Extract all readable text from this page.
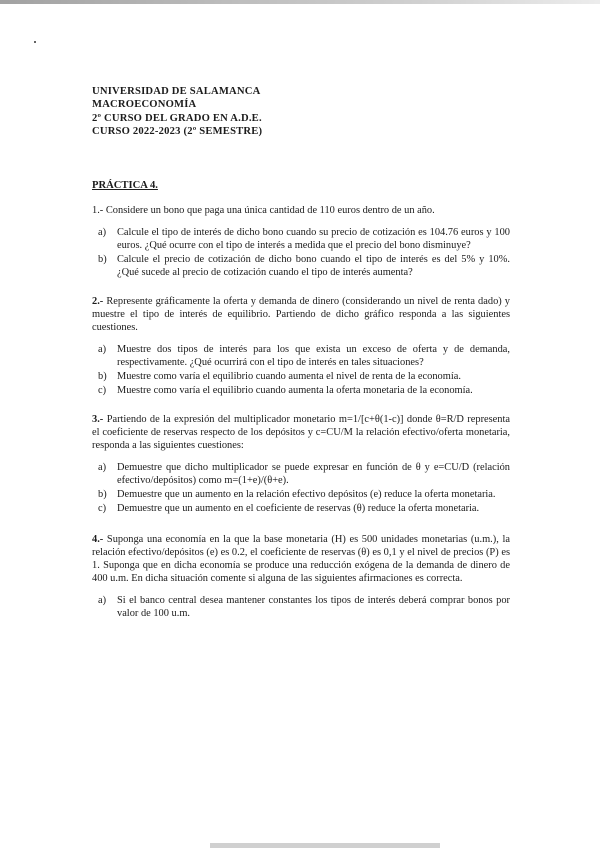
UNIVERSIDAD DE SALAMANCA
MACROECONOMÍA
2º CURSO DEL GRADO EN A.D.E.
CURSO 2022-2023 (2º SEMESTRE)
PRÁCTICA 4.
1.- Considere un bono que paga una única cantidad de 110 euros dentro de un año.
a) Calcule el tipo de interés de dicho bono cuando su precio de cotización es 104.76 euros y 100 euros. ¿Qué ocurre con el tipo de interés a medida que el precio del bono disminuye?
b) Calcule el precio de cotización de dicho bono cuando el tipo de interés es del 5% y 10%. ¿Qué sucede al precio de cotización cuando el tipo de interés aumenta?
2.- Represente gráficamente la oferta y demanda de dinero (considerando un nivel de renta dado) y muestre el tipo de interés de equilibrio. Partiendo de dicho gráfico responda a las siguientes cuestiones.
a) Muestre dos tipos de interés para los que exista un exceso de oferta y de demanda, respectivamente. ¿Qué ocurrirá con el tipo de interés en tales situaciones?
b) Muestre como varía el equilibrio cuando aumenta el nivel de renta de la economía.
c) Muestre como varía el equilibrio cuando aumenta la oferta monetaria de la economía.
3.- Partiendo de la expresión del multiplicador monetario m=1/[c+θ(1-c)] donde θ=R/D representa el coeficiente de reservas respecto de los depósitos y c=CU/M la relación efectivo/oferta monetaria, responda a las siguientes cuestiones:
a) Demuestre que dicho multiplicador se puede expresar en función de θ y e=CU/D (relación efectivo/depósitos) como m=(1+e)/(θ+e).
b) Demuestre que un aumento en la relación efectivo depósitos (e) reduce la oferta monetaria.
c) Demuestre que un aumento en el coeficiente de reservas (θ) reduce la oferta monetaria.
4.- Suponga una economía en la que la base monetaria (H) es 500 unidades monetarias (u.m.), la relación efectivo/depósitos (e) es 0.2, el coeficiente de reservas (θ) es 0,1 y el nivel de precios (P) es 1. Suponga que en dicha economía se produce una reducción exógena de la demanda de dinero de 400 u.m. En dicha situación comente si alguna de las siguientes afirmaciones es correcta.
a) Si el banco central desea mantener constantes los tipos de interés deberá comprar bonos por valor de 100 u.m.
